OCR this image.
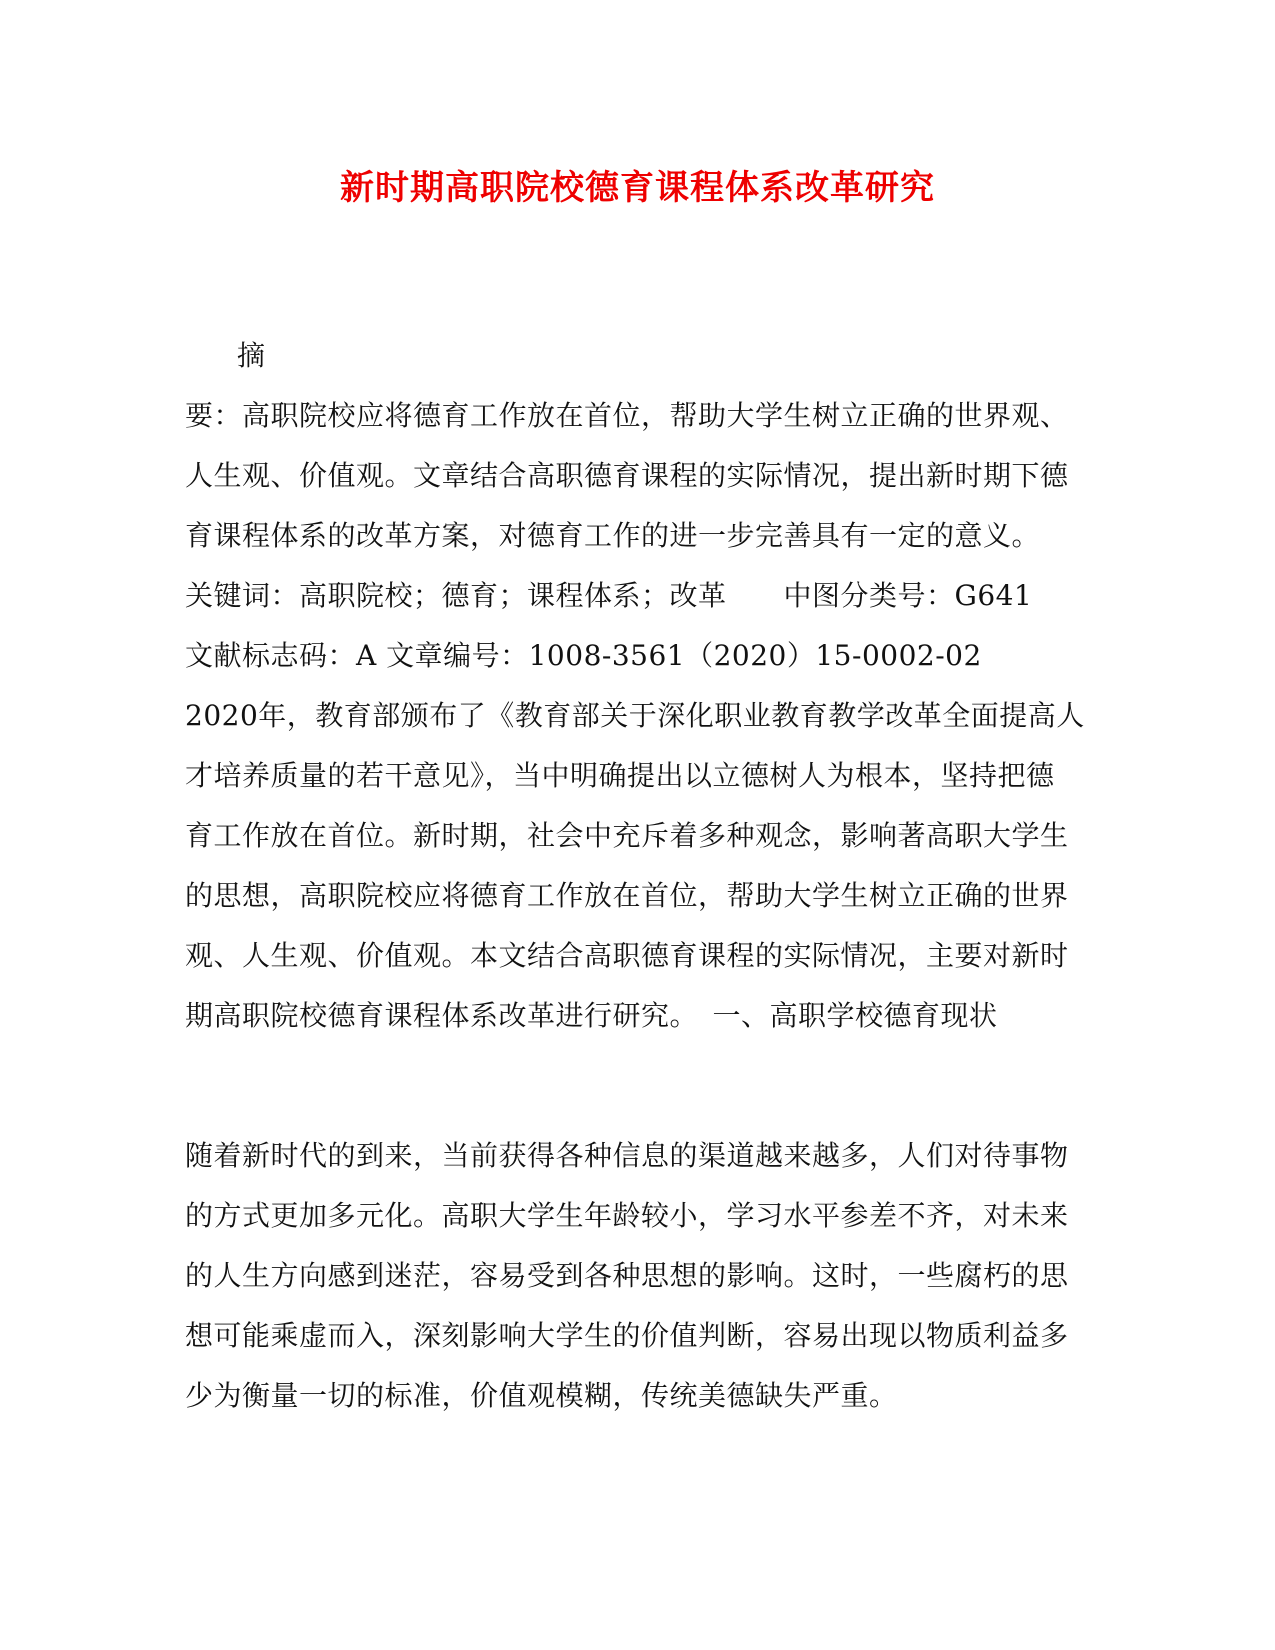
新时期高职院校德育课程体系改革研究
摘
要：高职院校应将德育工作放在首位，帮助大学生树立正确的世界观、
人生观、价值观。文章结合高职德育课程的实际情况，提出新时期下德
育课程体系的改革方案，对德育工作的进一步完善具有一定的意义。
关键词：高职院校；德育；课程体系；改革　　中图分类号：G641
文献标志码：A 文章编号：1008-3561（2020）15-0002-02
2020年，教育部颁布了《教育部关于深化职业教育教学改革全面提高人
才培养质量的若干意见》，当中明确提出以立德树人为根本，坚持把德
育工作放在首位。新时期，社会中充斥着多种观念，影响著高职大学生
的思想，高职院校应将德育工作放在首位，帮助大学生树立正确的世界
观、人生观、价值观。本文结合高职德育课程的实际情况，主要对新时
期高职院校德育课程体系改革进行研究。　一、高职学校德育现状
随着新时代的到来，当前获得各种信息的渠道越来越多，人们对待事物
的方式更加多元化。高职大学生年龄较小，学习水平参差不齐，对未来
的人生方向感到迷茫，容易受到各种思想的影响。这时，一些腐朽的思
想可能乘虚而入，深刻影响大学生的价值判断，容易出现以物质利益多
少为衡量一切的标准，价值观模糊，传统美德缺失严重。
